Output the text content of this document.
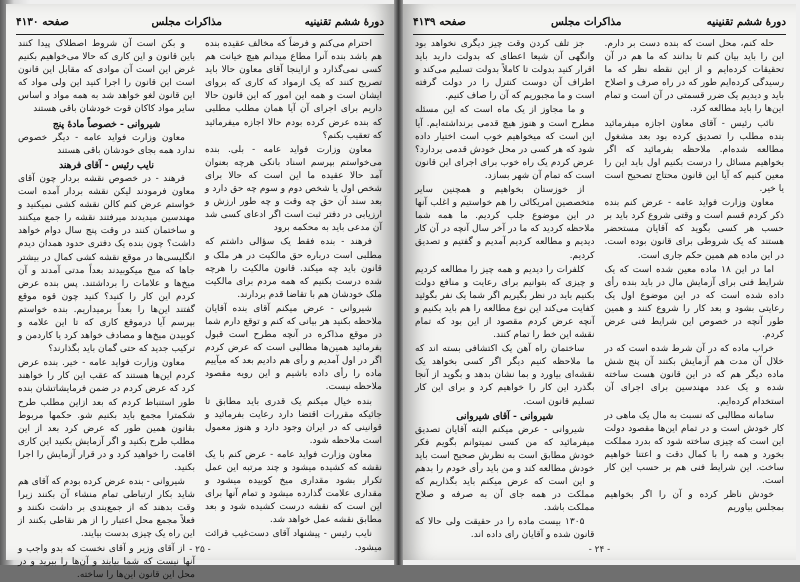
دورهٔ ششم تقنینیه
مذاکرات مجلس
صفحه ۴۱۳۰

احترام می‌کنم و فرضاً که مخالف عقیده بنده هم باشد بنده آنرا مطاع میدانم هیچ خیانت هم کسی نمی‌گذارد و ازاینجا آقای معاون حالا باید تصریح کنند که یک ازمواد که کاری که بروای ایشان است و همه این امور که این قانون حالا داریم برای اجرای آن آیا همان مطلب مطلبی که بنده عرض کرده بودم حالا اجازه میفرمائید که تعقیب بکنم؟

معاون وزارت فواید عامه - بلی. بنده می‌خواستم بپرسم اسناد بانکی هرچه بعنوان آمد حالا عقیده ما این است که حالا برای شخص اول یا شخص دوم و سوم چه حق دارد و بعد سند آن حق چه وقت و چه طور ارزش و ارزیابی در دفتر ثبت است اگر ادعای کسی شد آن مدعی باید به محکمه برود

فرهند - بنده فقط یک سؤالی داشتم که مطلبی است درباره حق مالکیت در هر ملک و قانون باید چه میکند. قانون مالکیت را هرچه شده درست بکنیم که همه مردم برای مالکیت ملک خودشان هم با تقاضا قدم بردارند.

شیروانی - عرض میکنم آقای بنده آقایان ملاحظه بکنید هر بیانی که کنم و توقع دارم شما در موقع مذاکره در آنچه مطرح است قبول بفرمائید همین‌ها مطالبی است که عرض کردم اگر در اول آمدیم و رأی هم دادیم بعد که میآییم ماده را رأی داده باشیم و این رویه مقصود ملاحظه نیست.

بنده خیال میکنم یک قدری باید مطابق تا جائیکه مقررات اقتضا دارد رعایت بفرمائید و قوانینی که در ایران وجود دارد و هنوز معمول است ملاحظه شود.

معاون وزارت فواید عامه - عرض کنم با یک نقشه که کشیده میشود و چند مرتبه این عمل تکرار بشود مقداری میخ کوبیده میشود و مقداری علامت گذارده میشود و تمام آنها برای این است که نقشه درست کشیده شود و بعد مطابق نقشه عمل خواهد شد.

نایب رئیس - پیشنهاد آقای دست‌غیب قرائت میشود.

و بکن است آن شروط اصطلاک پیدا کنند باین قانون و این کاری که حالا می‌خواهیم بکنیم غرض این است آن مواد‌ی که مقابل این قانون است این قانون را اجرا کنید این ولی مواد که این قانون لغو خواهد شد به همه مواد و اساس سایر مواد کاکان قوت خودشان باقی هستند

شیروانی - خصوصاً مادهٔ پنج

معاون وزارت فواید عامه - دیگر خصوص ندارد همه بجای خودشان باقی هستند

نایب رئیس - آقای فرهند

فرهند - در خصوص نقشه بردار چون آقای معاون فرمودند لیکن نقشه بردار آمده است خواستم عرض کنم کالن نقشه کشی نمیکنید و مهندسین میدیدند میرفتند نقشه را جمع میکنند و ساختمان کنند در وقت پنج سال دوام خواهد داشت؟ چون بنده یک دفتری حدود همدان دیدم انگلیسی‌ها در موقع نقشه کشی کمال در بیشتر جاها که میخ میکوبیدند بعداً مدتی آمدند و آن میخ‌ها و علامات را برداشتند. پس بنده عرض کردم این کار را کنید؟ کنید چون قوه موقع گفتند این‌ها را بعداً برمیداریم. بنده خواستم بپرسم آیا درموقع کاری که تا این علامه و کوبیدن میخ‌ها و مصادف خواهد کرد یا کاردمن و ترکیب جدید که حتی گمان باید بگذارند؟

معاون وزارت فواید عامه - خیر. بنده عرض کردم این‌ها هستند که عقب این کار را خواهند کرد که عرض کردم در ضمن فرمایشاتشان بنده طور استنباط کردم که بعد ازاین مطلب طرح شکمترا مجمع باید بکنیم شو. حکمها مربوط بقانون همین طور که عرض کرد بعد از این مطلب طرح بکنید و اگر آزمایش بکنید این کاری اقامت را خواهید کرد و در قرار آزمایش را اجرا بکنید.

شیروانی - بنده عرض کرده بودم که آقای هم شاید بکار ارتباطی تمام منشاء آن بکنند زیرا وقت بدهند که از جمع‌بندی بر داشت نکنند و فعلاً مجمع محل اعتبار را از هر نقاطی بکنند از این راه یک چیزی بدست بیایند.

از آقای وزیر و آقای نخست که بدو واجب و آنها نیست که شما بیایند و آن‌ها را ببرید و در محل این قانون این‌ها را ساخته.

- ۲۵ -
دورهٔ ششم تقنینیه
مذاکرات مجلس
صفحه ۴۱۳۹

حله کنم، محل است که بنده دست بر دارم. این را باید بیان کنم تا بدانند که ما هم در آن تحقیقات کرده‌ایم و از این نقطه نظر که ما رسیدگی کرده‌ایم طور که در راه صرف و اصلاح باید و دیدیم یک ضرر قسمتی در آن است و تمام این‌ها را باید مطالعه کرد.

نائب رئیس - آقای معاون اجازه میفرمائید بنده مطلب را تصدیق کرده بود بعد مشغول مطالعه شده‌ام. ملاحظه بفرمائید که اگر بخواهیم مسائل را درست بکنیم اول باید این را معین کنیم که آیا این قانون محتاج تصحیح است یا خیر.

معاون وزارت فواید عامه - عرض کنم بنده ذکر کردم قسم است و وقتی شروع کرد باید بر حسب هر کسی بگوید که آقایان مستحضر هستند که یک شروطی برای قانون بوده است. در این ماده هم همین حکم جاری است.

اما در این ۱۸ ماده معین شده است که یک شرایط فنی برای آزمایش مال در باید بنده رأی داده شده است که در این موضوع اول یک رعایتی بشود و بعد کار را شروع کنند و همین طور آنچه در خصوص این شرایط فنی عرض کردم.

خراب ماده که در آن شرط شده است که در خلال آن مدت هم آزمایش بکنند آن پنج شش ماده دیگر هم که در این قانون هست ساخته شده و یک عدد مهندسین برای اجرای آن استخدام کرده‌ایم.

سامانه مطالبی که نسبت به مال یک ماهی در کار خودش است و در تمام این‌ها مقصود دولت این است که چیزی ساخته شود که بدرد مملکت بخورد و همه را با کمال دقت و اعتنا خواهیم ساخت. این شرایط فنی هم بر حسب این کار است.

خودش ناظر کرده و آن را اگر بخواهیم بمجلس بیاوریم

جز تلف کردن وقت چیز دیگری نخواهد بود وانگهی آن شیعا اعطای که بدولت دارید باید اقرار کنید بدولت تا کاملاً بدولت تسلیم می‌کند و اطراف آن دوست کنترل را در دولت گرفته است و ما مجبوریم که آن را صاف کنیم.

و ما مجاوز از یک ماه است که این مسئله مطرح است و هنوز هیچ قدمی برنداشته‌ایم. آیا این است که میخواهیم خوب است اختیار داده شود که هر کسی در محل خودش قدمی بردارد؟ عرض کردم یک راه خوب برای اجرای این قانون است که تمام آن شهر بسازد.

از خوزستان بخواهیم و همچنین سایر متخصصین امریکائی را هم خواستیم و اغلب آنها در این موضوع جلب کردیم. ما همه شما ملاحظه کردید که ما در آخر سال آنچه در آن کار دیدیم و مطالعه کردیم آمدیم و گفتیم و تصدیق کردیم.

کلفرات را دیدیم و همه چیز را مطالعه کردیم و چیزی که بتوانیم برای رعایت و منافع دولت بکنیم باید در نظر بگیریم اگر شما یک نفر بگوئید کفایت می‌کند این نوع مطالعه را هم باید بکنیم و آنچه عرض کردم مقصود از این بود که تمام نقشه این خط را تمام کنند.

ساختمان راه آهن یک اکتشافی بسته اند که ما ملاحظه کنیم دیگر اگر کسی بخواهد یک نقشه‌ای بیاورد و بما نشان بدهد و بگوید از آنجا بگذرد این کار را خواهیم کرد و برای این کار تسلیم قانون است.

شیروانی - آقای شیروانی

شیروانی - عرض میکنم البته آقایان تصدیق میفرمائید که من کسی نمیتوانم بگویم فکر خودش مطابق است به نظرش صحیح است باید خودش مطالعه کند و من باید رأی خودم را بدهم و این است که عرض میکنم باید بگذاریم که مملکت در همه جای آن به صرفه و صلاح مملکت باشد.

۱۳۰۵ بیست ماده را در حقیقت ولی حالا که قانون شده و آقایان رای داده اند.

- ۲۴ -
